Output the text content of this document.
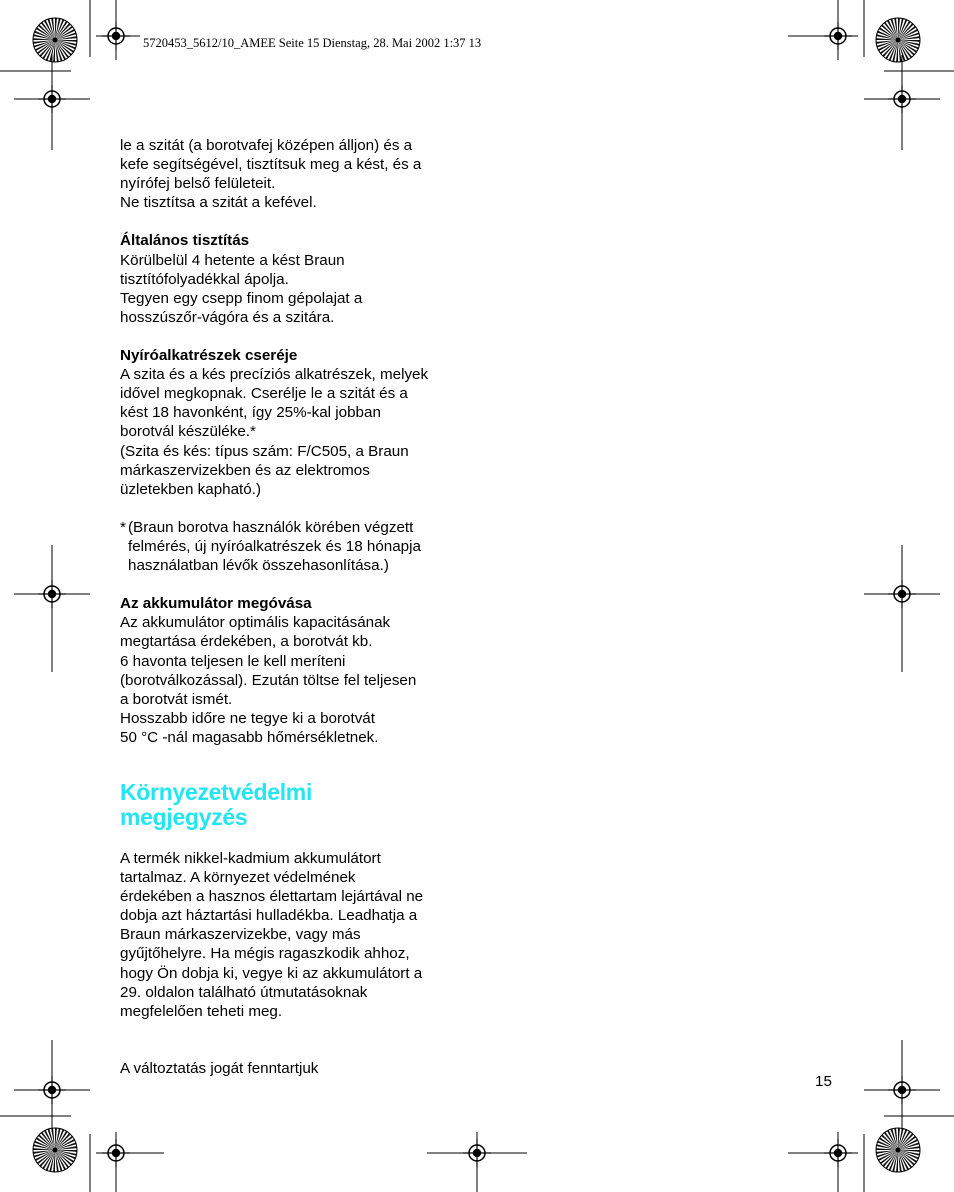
5720453_5612/10_AMEE Seite 15 Dienstag, 28. Mai 2002 1:37 13

le a szitát (a borotvafej középen álljon) és a

kefe segítségével, tisztítsuk meg a kést, és a

nyírófej belső felületeit.

Ne tisztítsa a szitát a kefével.

Általános tisztítás

Körülbelül 4 hetente a kést Braun

tisztítófolyadékkal ápolja.

Tegyen egy csepp finom gépolajat a

hosszúszőr-vágóra és a szitára.

Nyíróalkatrészek cseréje

A szita és a kés precíziós alkatrészek, melyek

idővel megkopnak. Cserélje le a szitát és a

kést 18 havonként, így 25%-kal jobban

borotvál készüléke.*

(Szita és kés: típus szám: F/C505, a Braun

márkaszervizekben és az elektromos

üzletekben kapható.)

* (Braun borotva használók körében végzett

felmérés, új nyíróalkatrészek és 18 hónapja

használatban lévők összehasonlítása.)

Az akkumulátor megóvása

Az akkumulátor optimális kapacitásának

megtartása érdekében, a borotvát kb.

6 havonta teljesen le kell meríteni

(borotválkozással). Ezután töltse fel teljesen

a borotvát ismét.

Hosszabb időre ne tegye ki a borotvát

50 °C -nál magasabb hőmérsékletnek.

Környezetvédelmi
megjegyzés

A termék nikkel-kadmium akkumulátort

tartalmaz. A környezet védelmének

érdekében a hasznos élettartam lejártával ne

dobja azt háztartási hulladékba. Leadhatja a

Braun márkaszervizekbe, vagy más

gyűjtőhelyre. Ha mégis ragaszkodik ahhoz,

hogy Ön dobja ki, vegye ki az akkumulátort a

29. oldalon található útmutatásoknak

megfelelően teheti meg.

A változtatás jogát fenntartjuk

15
